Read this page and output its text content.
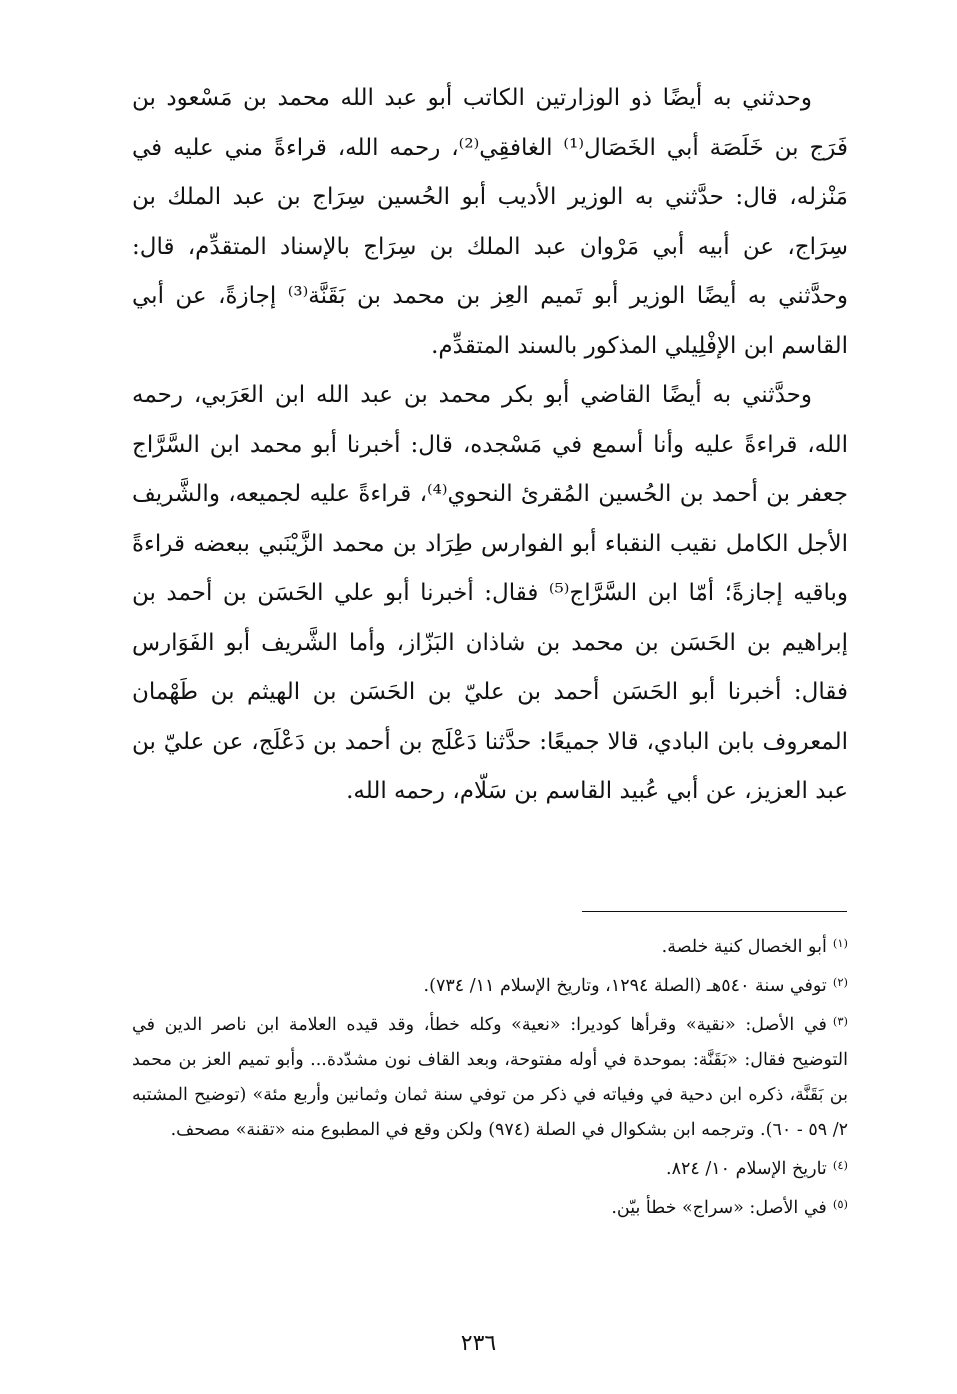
وحدثني به أيضًا ذو الوزارتين الكاتب أبو عبد الله محمد بن مَسْعود بن فَرَج بن خَلَصَة أبي الخَصَال⁽¹⁾ الغافقِي⁽²⁾، رحمه الله، قراءةً مني عليه في مَنْزله، قال: حدَّثني به الوزير الأديب أبو الحُسين سِرَاج بن عبد الملك بن سِرَاج، عن أبيه أبي مَرْوان عبد الملك بن سِرَاج بالإسناد المتقدِّم، قال: وحدَّثني به أيضًا الوزير أبو تَميم العِز بن محمد بن بَقَنَّة⁽³⁾ إجازةً، عن أبي القاسم ابن الإفْلِيلي المذكور بالسند المتقدِّم.

وحدَّثني به أيضًا القاضي أبو بكر محمد بن عبد الله ابن العَرَبي، رحمه الله، قراءةً عليه وأنا أسمع في مَسْجده، قال: أخبرنا أبو محمد ابن السَّرَّاج جعفر بن أحمد بن الحُسين المُقرئ النحوي⁽⁴⁾، قراءةً عليه لجميعه، والشَّريف الأجل الكامل نقيب النقباء أبو الفوارس طِرَاد بن محمد الزَّيْنَبي ببعضه قراءةً وباقيه إجازةً؛ أمّا ابن السَّرَّاج⁽⁵⁾ فقال: أخبرنا أبو علي الحَسَن بن أحمد بن إبراهيم بن الحَسَن بن محمد بن شاذان البَزّاز، وأما الشَّريف أبو الفَوَارس فقال: أخبرنا أبو الحَسَن أحمد بن عليّ بن الحَسَن بن الهيثم بن طَهْمان المعروف بابن البادي، قالا جميعًا: حدَّثنا دَعْلَج بن أحمد بن دَعْلَج، عن عليّ بن عبد العزيز، عن أبي عُبيد القاسم بن سَلّام، رحمه الله.

(١)أبو الخصال كنية خلصة.

(٢)توفي سنة ٥٤٠هـ (الصلة ١٢٩٤، وتاريخ الإسلام ١١/ ٧٣٤).

(٣)في الأصل: «نقية» وقرأها كوديرا: «نعية» وكله خطأ، وقد قيده العلامة ابن ناصر الدين في التوضيح فقال: «بَقَنَّة: بموحدة في أوله مفتوحة، وبعد القاف نون مشدّدة... وأبو تميم العز بن محمد بن بَقَنَّة، ذكره ابن دحية في وفياته في ذكر من توفي سنة ثمان وثمانين وأربع مئة» (توضيح المشتبه ٢/ ٥٩ - ٦٠). وترجمه ابن بشكوال في الصلة (٩٧٤) ولكن وقع في المطبوع منه «تقنة» مصحف.

(٤)تاريخ الإسلام ١٠/ ٨٢٤.

(٥)في الأصل: «سراج» خطأ بيّن.

٢٣٦
